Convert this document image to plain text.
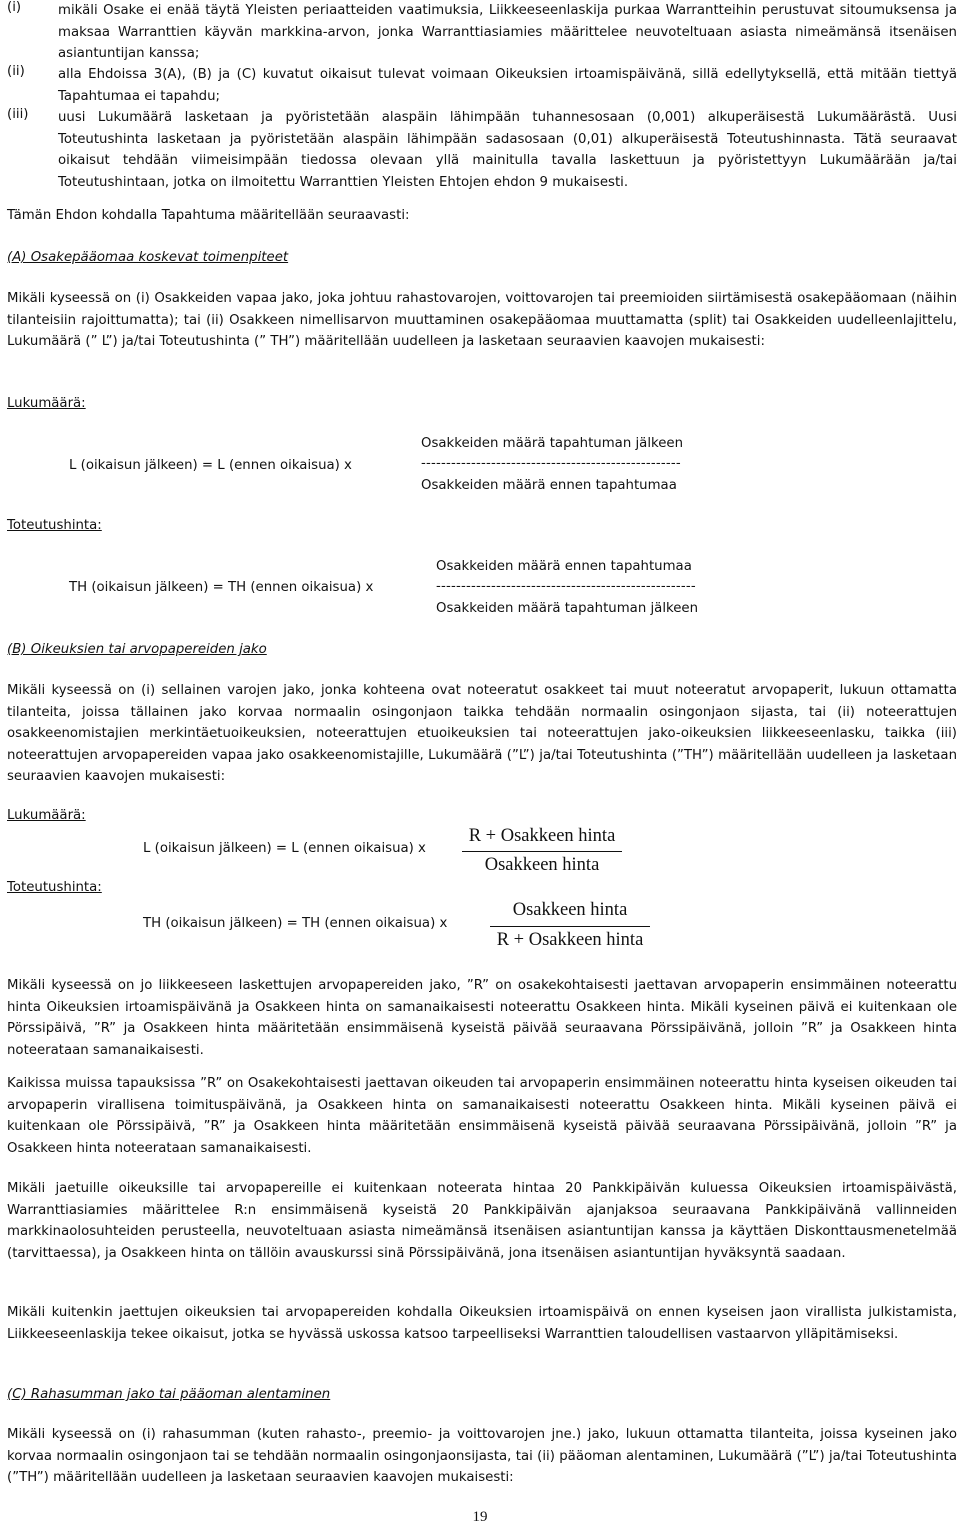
(i)	mikäli Osake ei enää täytä Yleisten periaatteiden vaatimuksia, Liikkeeseenlaskija purkaa Warrantteihin perustuvat sitoumuksensa ja maksaa Warranttien käyvän markkina-arvon, jonka Warranttiasiamies määrittelee neuvoteltuaan asiasta nimeämänsä itsenäisen asiantuntijan kanssa;
(ii)	alla Ehdoissa 3(A), (B) ja (C) kuvatut oikaisut tulevat voimaan Oikeuksien irtoamispäivänä, sillä edellytyksellä, että mitään tiettyä Tapahtumaa ei tapahdu;
(iii)	uusi Lukumäärä lasketaan ja pyöristetään alaspäin lähimpään tuhannesosaan (0,001) alkuperäisestä Lukumäärästä. Uusi Toteutushinta lasketaan ja pyöristetään alaspäin lähimpään sadasosaan (0,01) alkuperäisestä Toteutushinnasta. Tätä seuraavat oikaisut tehdään viimeisimpään tiedossa olevaan yllä mainitulla tavalla laskettuun ja pyöristettyyn Lukumäärään ja/tai Toteutushintaan, jotka on ilmoitettu Warranttien Yleisten Ehtojen ehdon 9 mukaisesti.
Tämän Ehdon kohdalla Tapahtuma määritellään seuraavasti:
(A) Osakepääomaa koskevat toimenpiteet
Mikäli kyseessä on (i) Osakkeiden vapaa jako, joka johtuu rahastovarojen, voittovarojen tai preemioiden siirtämisestä osakepääomaan (näihin tilanteisiin rajoittumatta); tai (ii) Osakkeen nimellisarvon muuttaminen osakepääomaa muuttamatta (split) tai Osakkeiden uudelleenlajittelu, Lukumäärä (” L”) ja/tai Toteutushinta (” TH”) määritellään uudelleen ja lasketaan seuraavien kaavojen mukaisesti:
Lukumäärä:
L (oikaisun jälkeen) = L (ennen oikaisua) x
Osakkeiden määrä tapahtuman jälkeen
----------------------------------------------------
Osakkeiden määrä ennen tapahtumaa
Toteutushinta:
TH (oikaisun jälkeen) = TH (ennen oikaisua) x
Osakkeiden määrä ennen tapahtumaa
----------------------------------------------------
Osakkeiden määrä tapahtuman jälkeen
(B) Oikeuksien tai arvopapereiden jako
Mikäli kyseessä on (i) sellainen varojen jako, jonka kohteena ovat noteeratut osakkeet tai muut noteeratut arvopaperit, lukuun ottamatta tilanteita, joissa tällainen jako korvaa normaalin osingonjaon taikka tehdään normaalin osingonjaon sijasta, tai (ii) noteerattujen osakkeenomistajien merkintäetuoikeuksien, noteerattujen etuoikeuksien tai noteerattujen jako-oikeuksien liikkeeseenlasku, taikka (iii) noteerattujen arvopapereiden vapaa jako osakkeenomistajille, Lukumäärä (”L”) ja/tai Toteutushinta (”TH”) määritellään uudelleen ja lasketaan seuraavien kaavojen mukaisesti:
Lukumäärä:
L (oikaisun jälkeen) = L (ennen oikaisua) x
R + Osakkeen hinta
Osakkeen hinta
Toteutushinta:
TH (oikaisun jälkeen) = TH (ennen oikaisua) x
Osakkeen hinta
R + Osakkeen hinta
Mikäli kyseessä on jo liikkeeseen laskettujen arvopapereiden jako, ”R” on osakekohtaisesti jaettavan arvopaperin ensimmäinen noteerattu hinta Oikeuksien irtoamispäivänä ja Osakkeen hinta on samanaikaisesti noteerattu Osakkeen hinta. Mikäli kyseinen päivä ei kuitenkaan ole Pörssipäivä, ”R” ja Osakkeen hinta määritetään ensimmäisenä kyseistä päivää seuraavana Pörssipäivänä, jolloin ”R” ja Osakkeen hinta noteerataan samanaikaisesti.
Kaikissa muissa tapauksissa ”R” on Osakekohtaisesti jaettavan oikeuden tai arvopaperin ensimmäinen noteerattu hinta kyseisen oikeuden tai arvopaperin virallisena toimituspäivänä, ja Osakkeen hinta on samanaikaisesti noteerattu Osakkeen hinta. Mikäli kyseinen päivä ei kuitenkaan ole Pörssipäivä, ”R” ja Osakkeen hinta määritetään ensimmäisenä kyseistä päivää seuraavana Pörssipäivänä, jolloin ”R” ja Osakkeen hinta noteerataan samanaikaisesti.
Mikäli jaetuille oikeuksille tai arvopapereille ei kuitenkaan noteerata hintaa 20 Pankkipäivän kuluessa Oikeuksien irtoamispäivästä, Warranttiasiamies määrittelee R:n ensimmäisenä kyseistä 20 Pankkipäivän ajanjaksoa seuraavana Pankkipäivänä vallinneiden markkinaolosuhteiden perusteella, neuvoteltuaan asiasta nimeämänsä itsenäisen asiantuntijan kanssa ja käyttäen Diskonttausmenetelmää (tarvittaessa), ja Osakkeen hinta on tällöin avauskurssi sinä Pörssipäivänä, jona itsenäisen asiantuntijan hyväksyntä saadaan.
Mikäli kuitenkin jaettujen oikeuksien tai arvopapereiden kohdalla Oikeuksien irtoamispäivä on ennen kyseisen jaon virallista julkistamista, Liikkeeseenlaskija tekee oikaisut, jotka se hyvässä uskossa katsoo tarpeelliseksi Warranttien taloudellisen vastaarvon ylläpitämiseksi.
(C) Rahasumman jako tai pääoman alentaminen
Mikäli kyseessä on (i) rahasumman (kuten rahasto-, preemio- ja voittovarojen jne.) jako, lukuun ottamatta tilanteita, joissa kyseinen jako korvaa normaalin osingonjaon tai se tehdään normaalin osingonjaonsijasta, tai (ii) pääoman alentaminen, Lukumäärä (”L”) ja/tai Toteutushinta (”TH”) määritellään uudelleen ja lasketaan seuraavien kaavojen mukaisesti:
19
